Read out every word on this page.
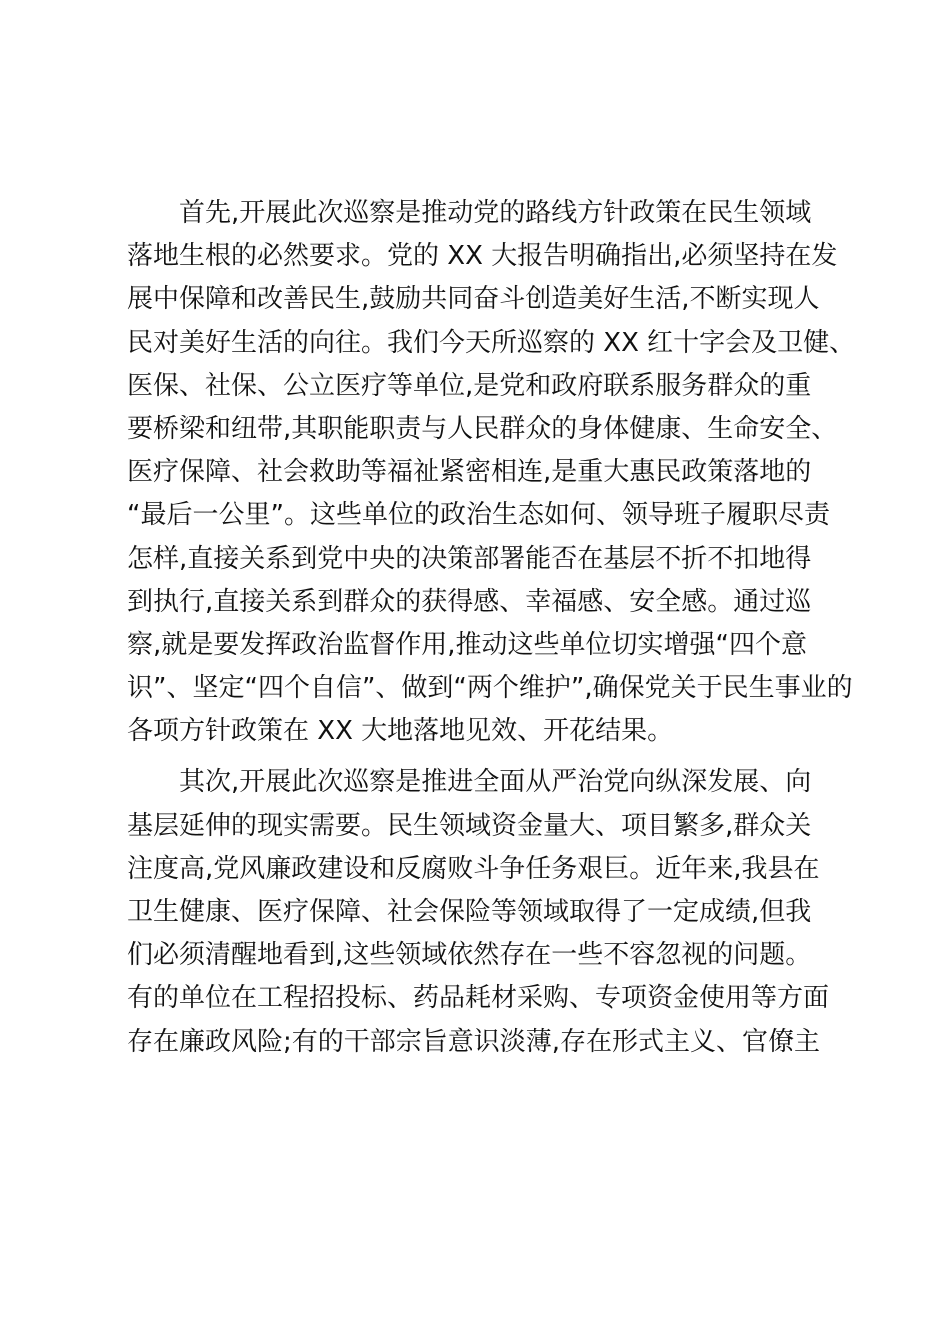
首先,开展此次巡察是推动党的路线方针政策在民生领域
落地生根的必然要求。党的 XX 大报告明确指出,必须坚持在发
展中保障和改善民生,鼓励共同奋斗创造美好生活,不断实现人
民对美好生活的向往。我们今天所巡察的 XX 红十字会及卫健、
医保、社保、公立医疗等单位,是党和政府联系服务群众的重
要桥梁和纽带,其职能职责与人民群众的身体健康、生命安全、
医疗保障、社会救助等福祉紧密相连,是重大惠民政策落地的
“最后一公里”。这些单位的政治生态如何、领导班子履职尽责
怎样,直接关系到党中央的决策部署能否在基层不折不扣地得
到执行,直接关系到群众的获得感、幸福感、安全感。通过巡
察,就是要发挥政治监督作用,推动这些单位切实增强“四个意
识”、坚定“四个自信”、做到“两个维护”,确保党关于民生事业的
各项方针政策在 XX 大地落地见效、开花结果。

其次,开展此次巡察是推进全面从严治党向纵深发展、向
基层延伸的现实需要。民生领域资金量大、项目繁多,群众关
注度高,党风廉政建设和反腐败斗争任务艰巨。近年来,我县在
卫生健康、医疗保障、社会保险等领域取得了一定成绩,但我
们必须清醒地看到,这些领域依然存在一些不容忽视的问题。
有的单位在工程招投标、药品耗材采购、专项资金使用等方面
存在廉政风险;有的干部宗旨意识淡薄,存在形式主义、官僚主
